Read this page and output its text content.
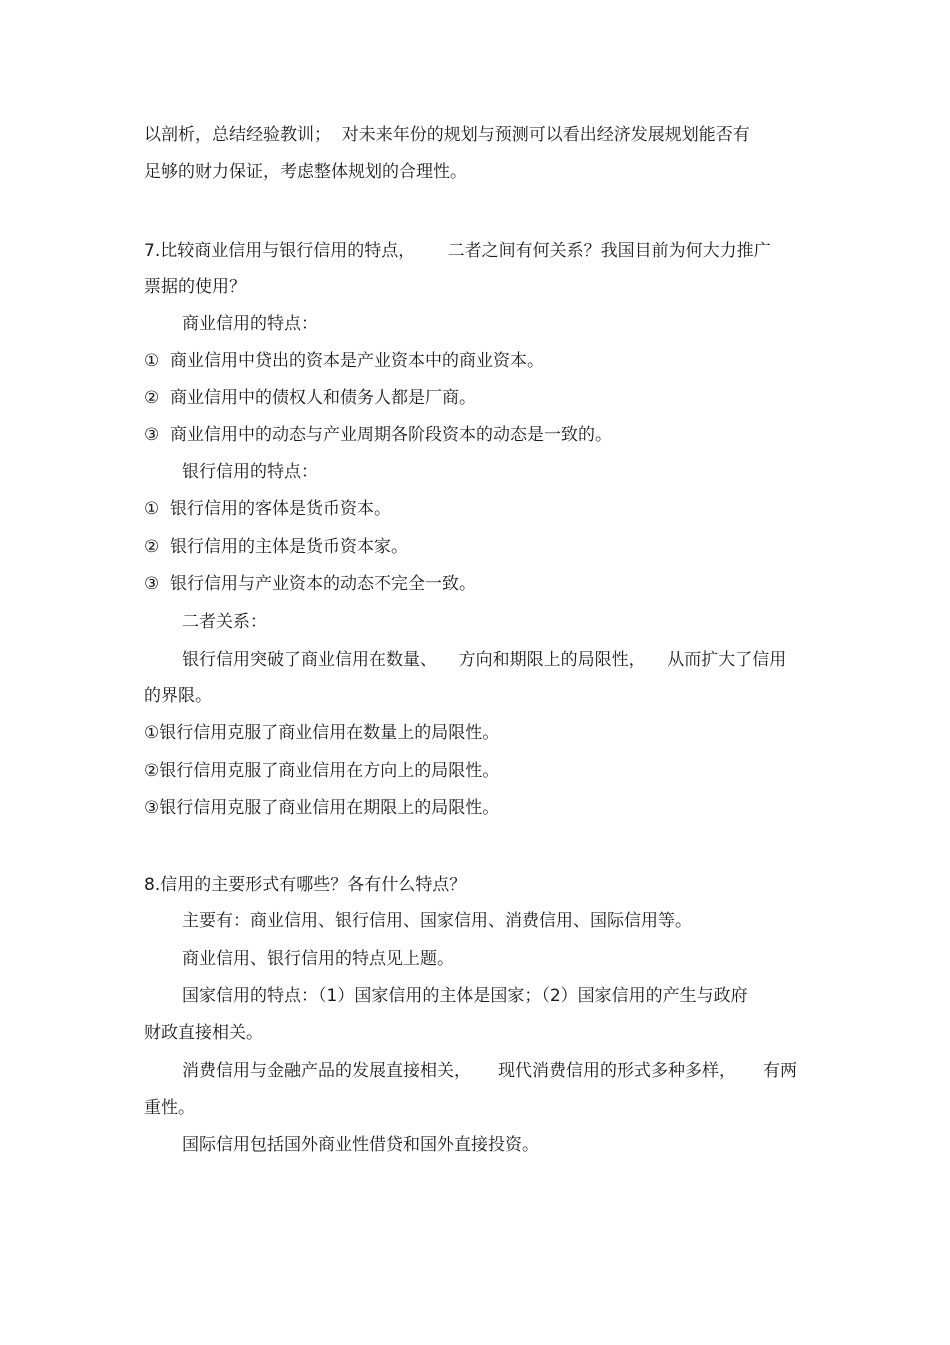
以剖析，总结经验教训；  对未来年份的规划与预测可以看出经济发展规划能否有
足够的财力保证，考虑整体规划的合理性。
7.比较商业信用与银行信用的特点，      二者之间有何关系？我国目前为何大力推广
票据的使用？
商业信用的特点：
①  商业信用中贷出的资本是产业资本中的商业资本。
②  商业信用中的债权人和债务人都是厂商。
③  商业信用中的动态与产业周期各阶段资本的动态是一致的。
银行信用的特点：
①  银行信用的客体是货币资本。
②  银行信用的主体是货币资本家。
③  银行信用与产业资本的动态不完全一致。
二者关系：
银行信用突破了商业信用在数量、    方向和期限上的局限性，    从而扩大了信用
的界限。
①银行信用克服了商业信用在数量上的局限性。
②银行信用克服了商业信用在方向上的局限性。
③银行信用克服了商业信用在期限上的局限性。
8.信用的主要形式有哪些？各有什么特点？
主要有：商业信用、银行信用、国家信用、消费信用、国际信用等。
商业信用、银行信用的特点见上题。
国家信用的特点：（1）国家信用的主体是国家；（2）国家信用的产生与政府
财政直接相关。
消费信用与金融产品的发展直接相关，     现代消费信用的形式多种多样，     有两
重性。
国际信用包括国外商业性借贷和国外直接投资。
